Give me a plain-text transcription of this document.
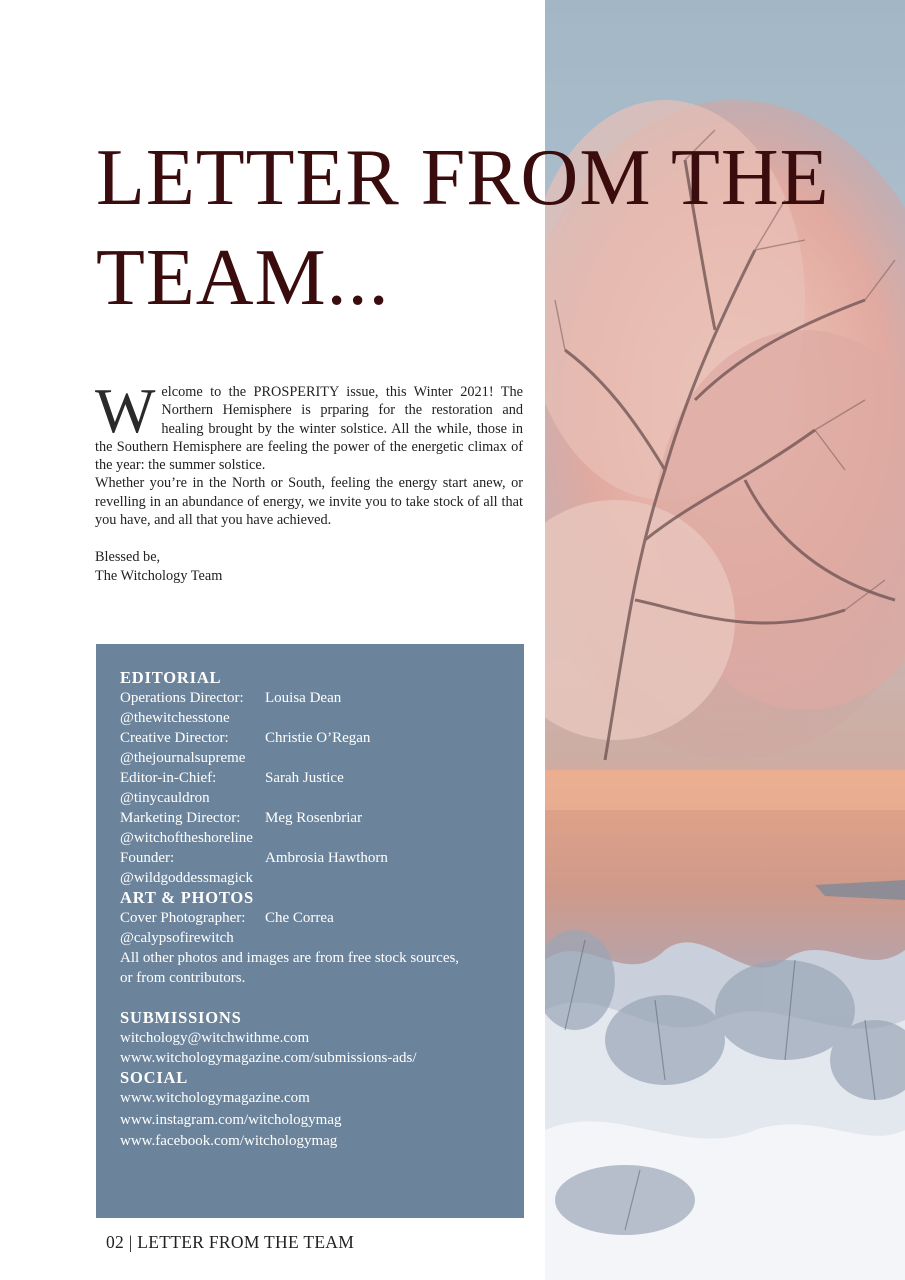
LETTER FROM THE
TEAM...

Welcome to the PROSPERITY issue, this Winter 2021! The Northern Hemisphere is prparing for the restoration and healing brought by the winter solstice. All the while, those in the Southern Hemisphere are feeling the power of the energetic climax of the year: the summer solstice.

Whether you’re in the North or South, feeling the energy start anew, or revelling in an abundance of energy, we invite you to take stock of all that you have, and all that you have achieved.

Blessed be,
The Witchology Team
EDITORIAL
Operations Director:	Louisa Dean
@thewitchesstone
Creative Director:	Christie O’Regan
@thejournalsupreme
Editor-in-Chief:	Sarah Justice
@tinycauldron
Marketing Director:	Meg Rosenbriar
@witchoftheshoreline
Founder:	Ambrosia Hawthorn
@wildgoddessmagick
ART & PHOTOS
Cover Photographer:	Che Correa
@calypsofirewitch
All other photos and images are from free stock sources,
or from contributors.
SUBMISSIONS
witchology@witchwithme.com
www.witchologymagazine.com/submissions-ads/
SOCIAL
www.witchologymagazine.com
www.instagram.com/witchologymag
www.facebook.com/witchologymag
02 | LETTER FROM THE TEAM
